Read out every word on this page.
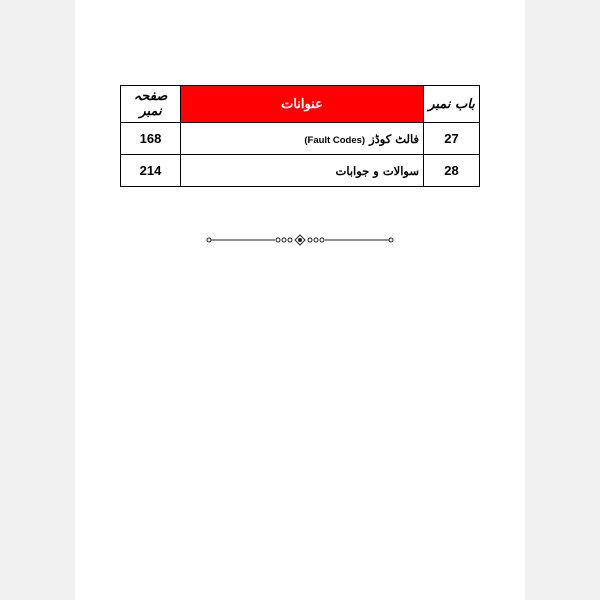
باب نمبر	عنوانات	صفحہ نمبر
27	فالٹ کوڈز (Fault Codes)	168
28	سوالات و جوابات	214
